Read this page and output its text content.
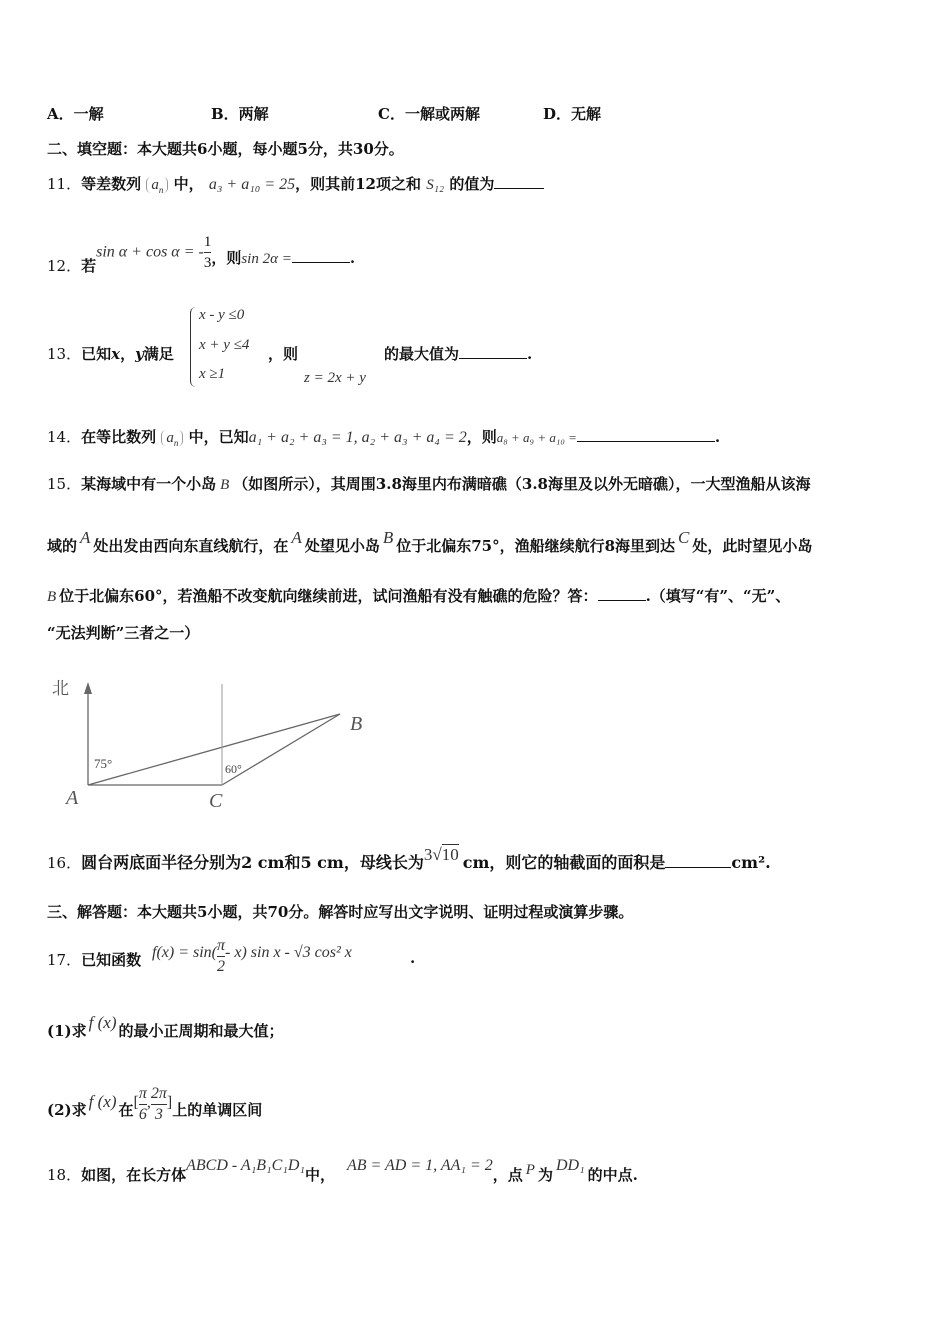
A．一解	B．两解	C．一解或两解	D．无解
二、填空题：本大题共6小题，每小题5分，共30分。
11．等差数列 $a_n$ 中， a₃ + a₁₀ = 25，则其前12项之和 S₁₂ 的值为
12．若sin α + cos α = - $\frac{1}{3}$ ，则sin 2α =	.
x - y ≤0
x + y ≤4
x ≥1
13．已知x，y满足	，则
z = 2x + y
的最大值为	.
14．在等比数列 $a_n$ 中，已知a₁ + a₂ + a₃ = 1, a₂ + a₃ + a₄ = 2，则a₈ + a₉ + a₁₀ =	.
15．某海域中有一个小岛 B （如图所示），其周围3.8海里内布满暗礁（3.8海里及以外无暗礁），一大型渔船从该海
域的 A 处出发由西向东直线航行，在 A 处望见小岛 B 位于北偏东75°，渔船继续航行8海里到达 C 处，此时望见小岛
B 位于北偏东60°，若渔船不改变航向继续前进，试问渔船有没有触礁的危险？答：	.（填写“有”、“无”、
“无法判断”三者之一）
北
75°	60°
A
B
C
16．圆台两底面半径分别为2 cm和5 cm，母线长为3√10 cm，则它的轴截面的面积是	cm².
三、解答题：本大题共5小题，共70分。解答时应写出文字说明、证明过程或演算步骤。
17．已知函数 $f(x) = \sin( \frac{\pi}{2} - x)$ sin x - √3 cos² x	.
(1)求 f (x) 的最小正周期和最大值；
(2)求 f (x) 在[ $\frac{\pi}{6}$ , $\frac{2\pi}{3}$ ]上的单调区间
18．如图，在长方体ABCD - A₁B₁C₁D₁中，AB = AD = 1, AA₁ = 2，点 P 为DD₁的中点.
